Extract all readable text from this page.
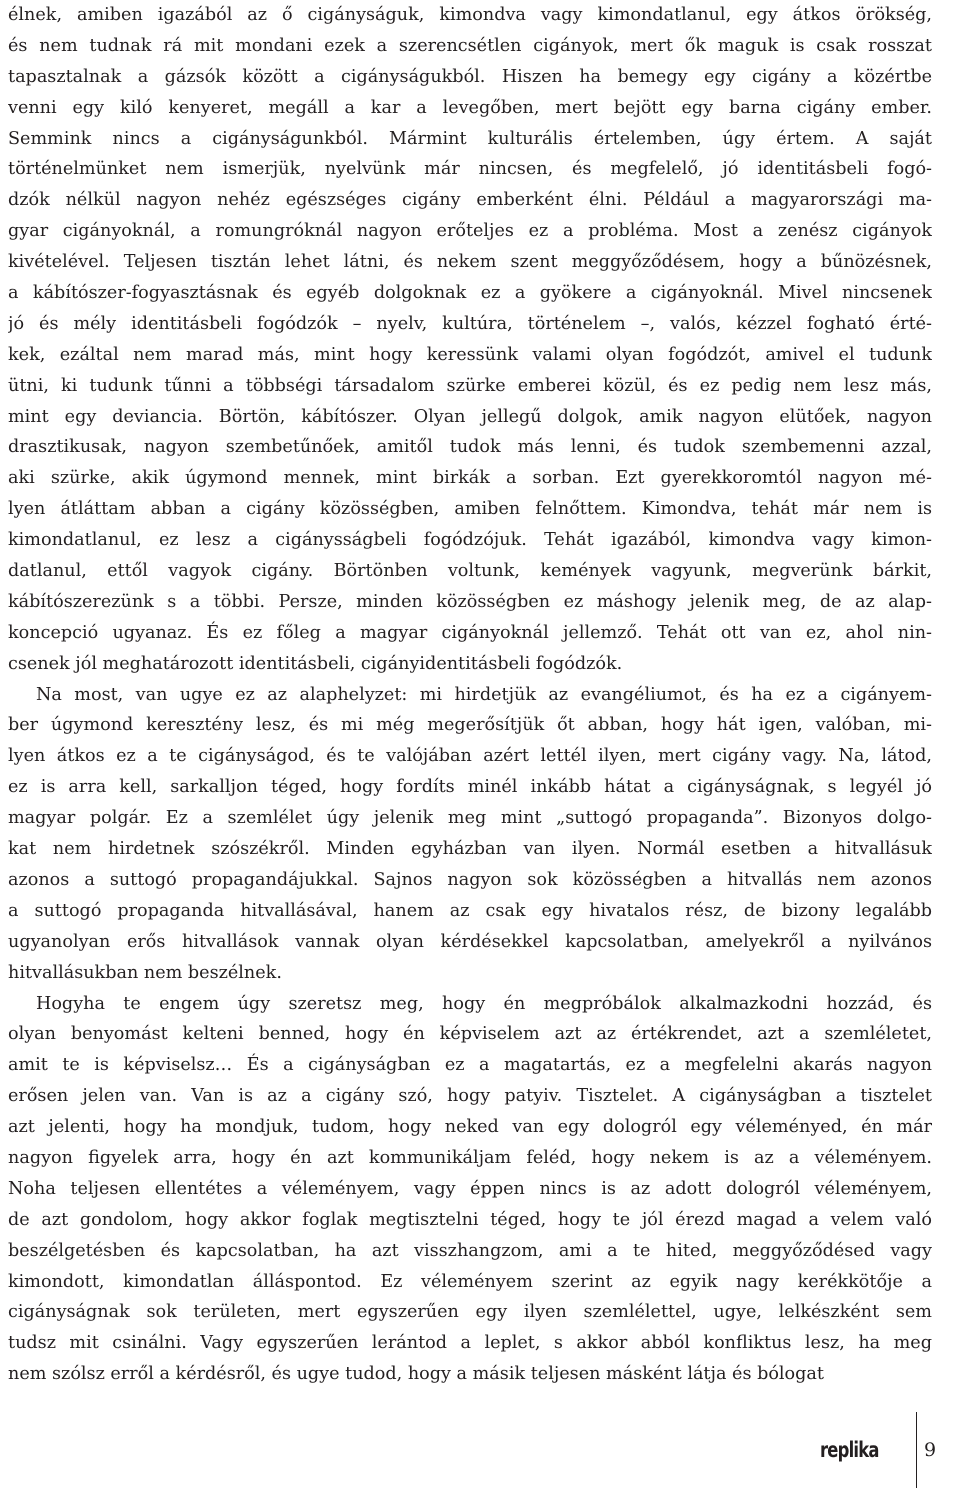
élnek, amiben igazából az ő cigányságuk, kimondva vagy kimondatlanul, egy átkos örökség,
és nem tudnak rá mit mondani ezek a szerencsétlen cigányok, mert ők maguk is csak rosszat
tapasztalnak a gázsók között a cigányságukból. Hiszen ha bemegy egy cigány a közértbe
venni egy kiló kenyeret, megáll a kar a levegőben, mert bejött egy barna cigány ember.
Semmink nincs a cigányságunkból. Mármint kulturális értelemben, úgy értem. A saját
történelmünket nem ismerjük, nyelvünk már nincsen, és megfelelő, jó identitásbeli fogó-
dzók nélkül nagyon nehéz egészséges cigány emberként élni. Például a magyarországi ma-
gyar cigányoknál, a romungróknál nagyon erőteljes ez a probléma. Most a zenész cigányok
kivételével. Teljesen tisztán lehet látni, és nekem szent meggyőződésem, hogy a bűnözésnek,
a kábítószer-fogyasztásnak és egyéb dolgoknak ez a gyökere a cigányoknál. Mivel nincsenek
jó és mély identitásbeli fogódzók – nyelv, kultúra, történelem –, valós, kézzel fogható érté-
kek, ezáltal nem marad más, mint hogy keressünk valami olyan fogódzót, amivel el tudunk
ütni, ki tudunk tűnni a többségi társadalom szürke emberei közül, és ez pedig nem lesz más,
mint egy deviancia. Börtön, kábítószer. Olyan jellegű dolgok, amik nagyon elütőek, nagyon
drasztikusak, nagyon szembetűnőek, amitől tudok más lenni, és tudok szembemenni azzal,
aki szürke, akik úgymond mennek, mint birkák a sorban. Ezt gyerekkoromtól nagyon mé-
lyen átláttam abban a cigány közösségben, amiben felnőttem. Kimondva, tehát már nem is
kimondatlanul, ez lesz a cigánysságbeli fogódzójuk. Tehát igazából, kimondva vagy kimon-
datlanul, ettől vagyok cigány. Börtönben voltunk, kemények vagyunk, megverünk bárkit,
kábítószerezünk s a többi. Persze, minden közösségben ez máshogy jelenik meg, de az alap-
koncepció ugyanaz. És ez főleg a magyar cigányoknál jellemző. Tehát ott van ez, ahol nin-
csenek jól meghatározott identitásbeli, cigányidentitásbeli fogódzók.
Na most, van ugye ez az alaphelyzet: mi hirdetjük az evangéliumot, és ha ez a cigányem-
ber úgymond keresztény lesz, és mi még megerősítjük őt abban, hogy hát igen, valóban, mi-
lyen átkos ez a te cigányságod, és te valójában azért lettél ilyen, mert cigány vagy. Na, látod,
ez is arra kell, sarkalljon téged, hogy fordíts minél inkább hátat a cigányságnak, s legyél jó
magyar polgár. Ez a szemlélet úgy jelenik meg mint „suttogó propaganda”. Bizonyos dolgo-
kat nem hirdetnek szószékről. Minden egyházban van ilyen. Normál esetben a hitvallásuk
azonos a suttogó propagandájukkal. Sajnos nagyon sok közösségben a hitvallás nem azonos
a suttogó propaganda hitvallásával, hanem az csak egy hivatalos rész, de bizony legalább
ugyanolyan erős hitvallások vannak olyan kérdésekkel kapcsolatban, amelyekről a nyilvános
hitvallásukban nem beszélnek.
Hogyha te engem úgy szeretsz meg, hogy én megpróbálok alkalmazkodni hozzád, és
olyan benyomást kelteni benned, hogy én képviselem azt az értékrendet, azt a szemléletet,
amit te is képviselsz… És a cigányságban ez a magatartás, ez a megfelelni akarás nagyon
erősen jelen van. Van is az a cigány szó, hogy patyiv. Tisztelet. A cigányságban a tisztelet
azt jelenti, hogy ha mondjuk, tudom, hogy neked van egy dologról egy véleményed, én már
nagyon figyelek arra, hogy én azt kommunikáljam feléd, hogy nekem is az a véleményem.
Noha teljesen ellentétes a véleményem, vagy éppen nincs is az adott dologról véleményem,
de azt gondolom, hogy akkor foglak megtisztelni téged, hogy te jól érezd magad a velem való
beszélgetésben és kapcsolatban, ha azt visszhangzom, ami a te hited, meggyőződésed vagy
kimondott, kimondatlan álláspontod. Ez véleményem szerint az egyik nagy kerékkötője a
cigányságnak sok területen, mert egyszerűen egy ilyen szemlélettel, ugye, lelkészként sem
tudsz mit csinálni. Vagy egyszerűen lerántod a leplet, s akkor abból konfliktus lesz, ha meg
nem szólsz erről a kérdésről, és ugye tudod, hogy a másik teljesen másként látja és bólogat
replika	9
